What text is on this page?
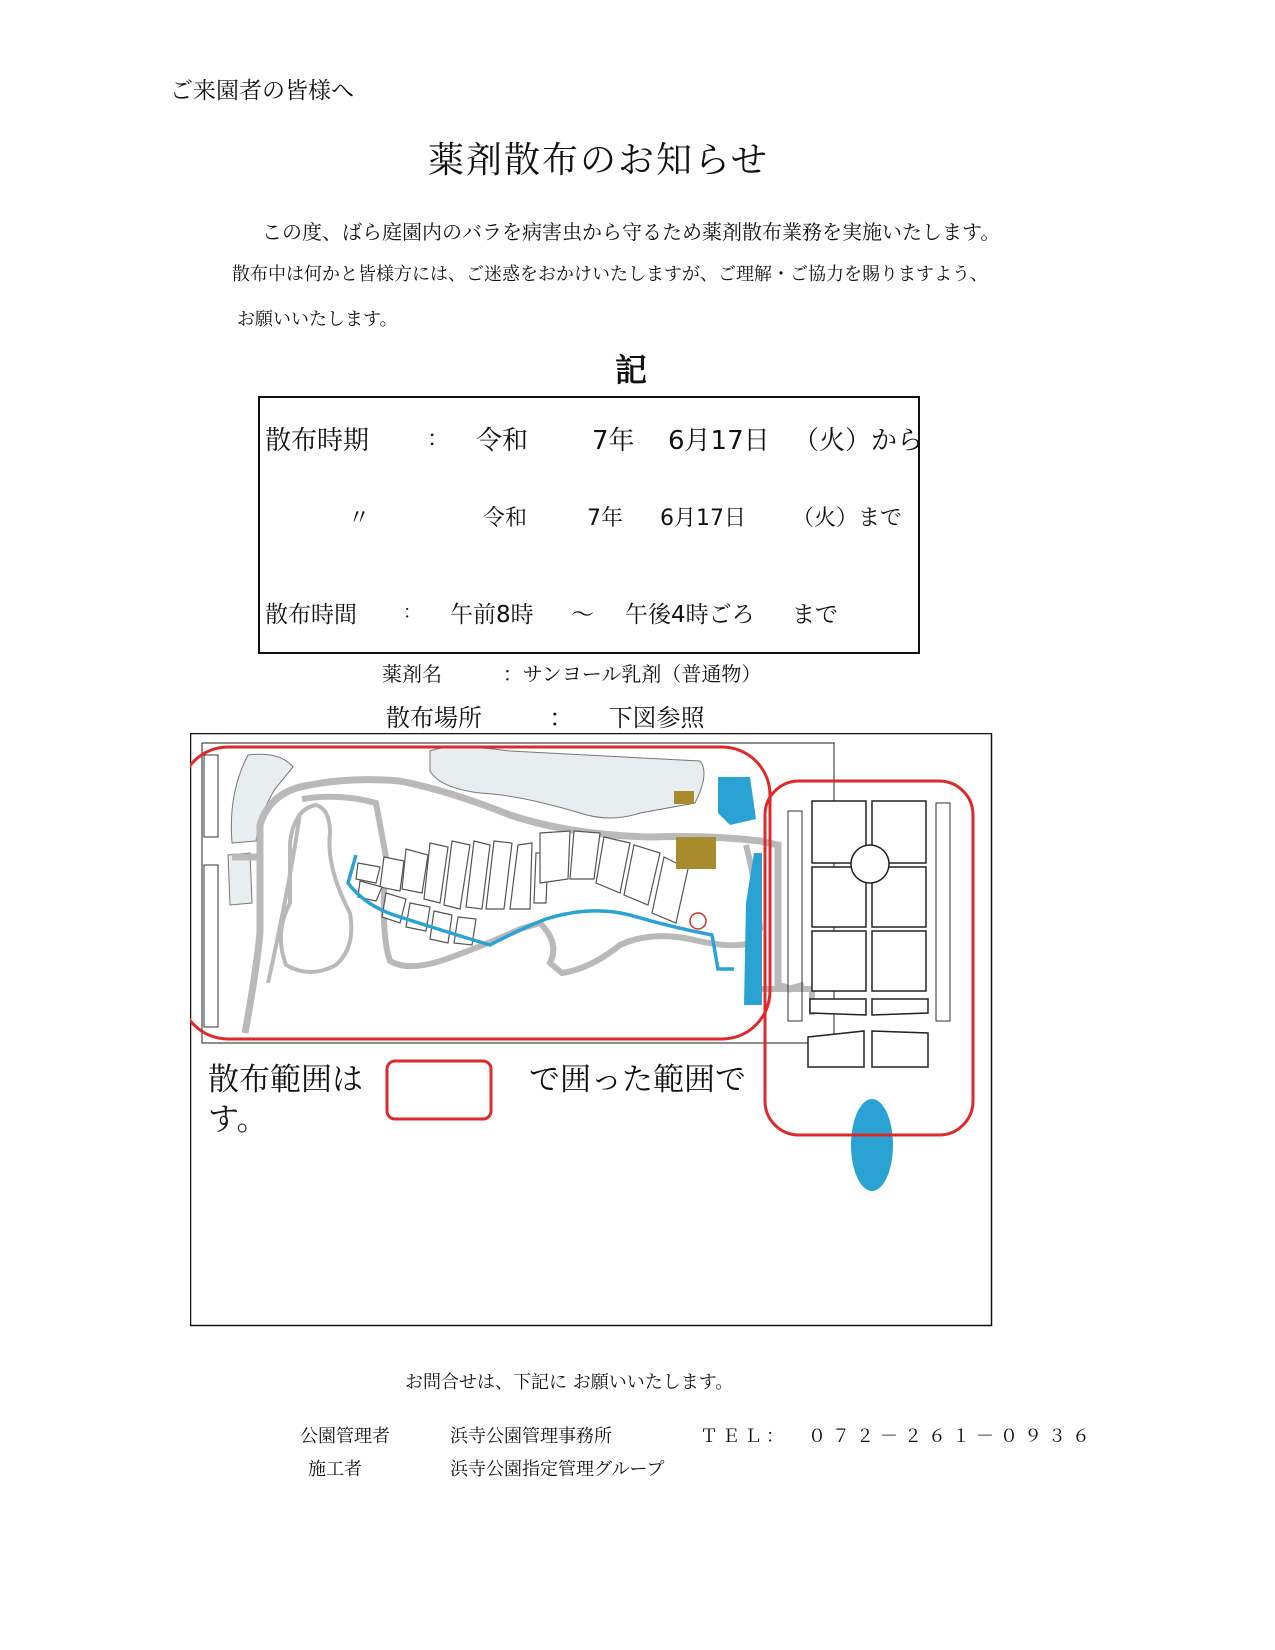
ご来園者の皆様へ
薬剤散布のお知らせ
この度、ばら庭園内のバラを病害虫から守るため薬剤散布業務を実施いたします。
散布中は何かと皆様方には、ご迷惑をおかけいたしますが、ご理解・ご協力を賜りますよう、
お願いいたします。
記
散布時期	： 令和 7年 6月17日 （火）から
〃	令和	7年 6月17日 （火）まで
散布時間	： 午前8時 ～ 午後4時ごろ まで
薬剤名	：サンヨール乳剤（普通物）
散布場所	： 下図参照
散布範囲は	で囲った範囲で
す。
お問合せは、下記に お願いいたします。
公園管理者	浜寺公園管理事務所	ＴＥＬ： ０７２－２６１－０９３６
施工者	浜寺公園指定管理グループ
